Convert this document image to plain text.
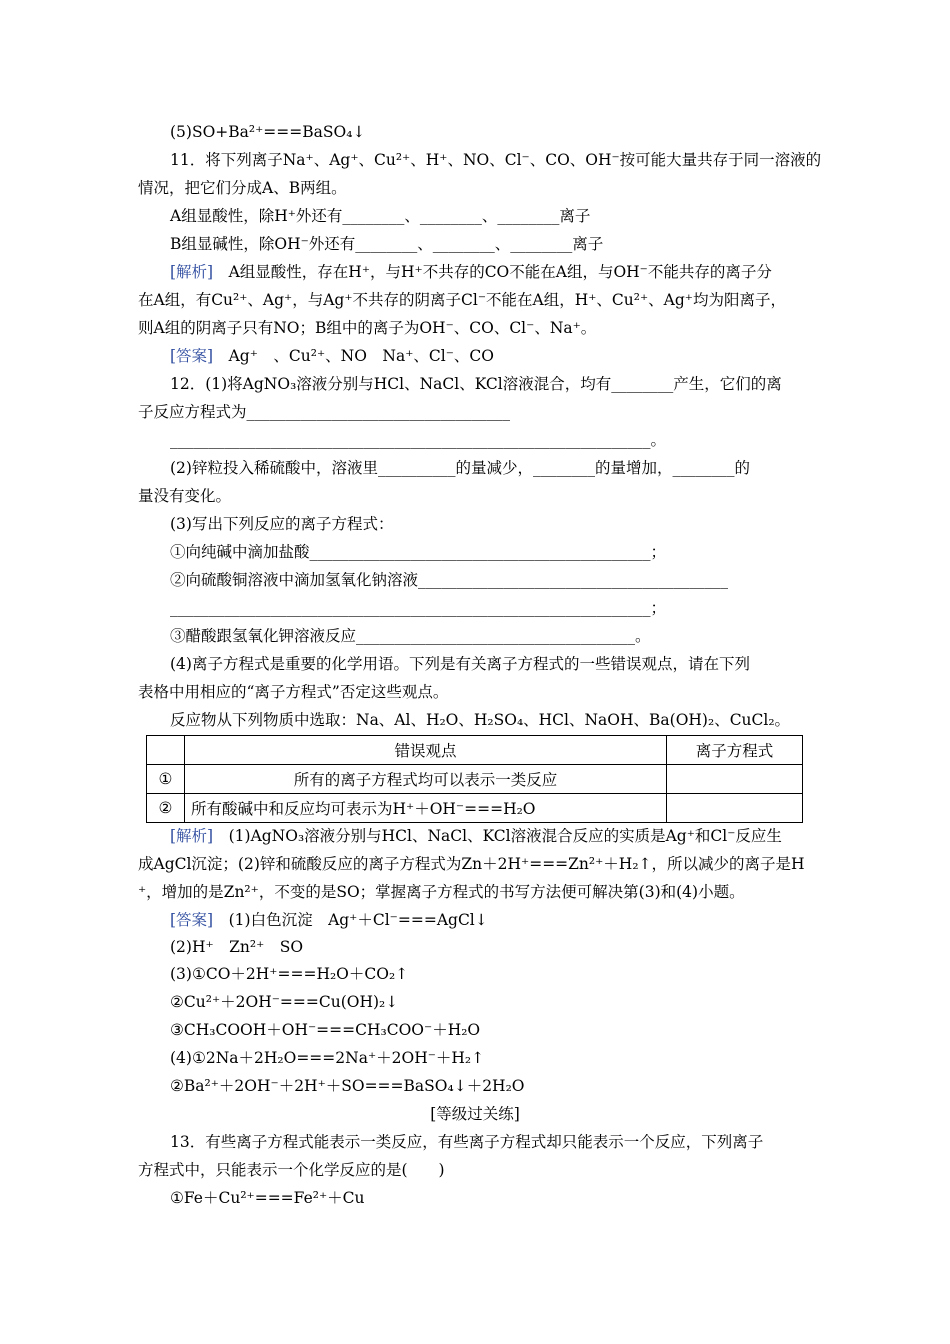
(5)SO+Ba²⁺===BaSO₄↓
11．将下列离子Na⁺、Ag⁺、Cu²⁺、H⁺、NO、Cl⁻、CO、OH⁻按可能大量共存于同一溶液的
情况，把它们分成A、B两组。
A组显酸性，除H⁺外还有________、________、________离子
B组显碱性，除OH⁻外还有________、________、________离子
[解析]　A组显酸性，存在H⁺，与H⁺不共存的CO不能在A组，与OH⁻不能共存的离子分
在A组，有Cu²⁺、Ag⁺，与Ag⁺不共存的阴离子Cl⁻不能在A组，H⁺、Cu²⁺、Ag⁺均为阳离子，
则A组的阴离子只有NO；B组中的离子为OH⁻、CO、Cl⁻、Na⁺。
[答案]　Ag⁺　、Cu²⁺、NO　Na⁺、Cl⁻、CO
12．(1)将AgNO₃溶液分别与HCl、NaCl、KCl溶液混合，均有________产生，它们的离
子反应方程式为__________________________________
______________________________________________________________。
(2)锌粒投入稀硫酸中，溶液里__________的量减少，________的量增加，________的
量没有变化。
(3)写出下列反应的离子方程式：
①向纯碱中滴加盐酸____________________________________________；
②向硫酸铜溶液中滴加氢氧化钠溶液________________________________________
______________________________________________________________；
③醋酸跟氢氧化钾溶液反应____________________________________。
(4)离子方程式是重要的化学用语。下列是有关离子方程式的一些错误观点，请在下列
表格中用相应的“离子方程式”否定这些观点。
反应物从下列物质中选取：Na、Al、H₂O、H₂SO₄、HCl、NaOH、Ba(OH)₂、CuCl₂。
	错误观点	离子方程式
①	所有的离子方程式均可以表示一类反应	
②	所有酸碱中和反应均可表示为H⁺＋OH⁻===H₂O	
[解析]　(1)AgNO₃溶液分别与HCl、NaCl、KCl溶液混合反应的实质是Ag⁺和Cl⁻反应生
成AgCl沉淀；(2)锌和硫酸反应的离子方程式为Zn＋2H⁺===Zn²⁺＋H₂↑，所以减少的离子是H
⁺，增加的是Zn²⁺，不变的是SO；掌握离子方程式的书写方法便可解决第(3)和(4)小题。
[答案]　(1)白色沉淀　Ag⁺＋Cl⁻===AgCl↓
(2)H⁺　Zn²⁺　SO
(3)①CO＋2H⁺===H₂O＋CO₂↑
②Cu²⁺＋2OH⁻===Cu(OH)₂↓
③CH₃COOH＋OH⁻===CH₃COO⁻＋H₂O
(4)①2Na＋2H₂O===2Na⁺＋2OH⁻＋H₂↑
②Ba²⁺＋2OH⁻＋2H⁺＋SO===BaSO₄↓＋2H₂O
[等级过关练]
13．有些离子方程式能表示一类反应，有些离子方程式却只能表示一个反应，下列离子
方程式中，只能表示一个化学反应的是(　　)
①Fe＋Cu²⁺===Fe²⁺＋Cu
